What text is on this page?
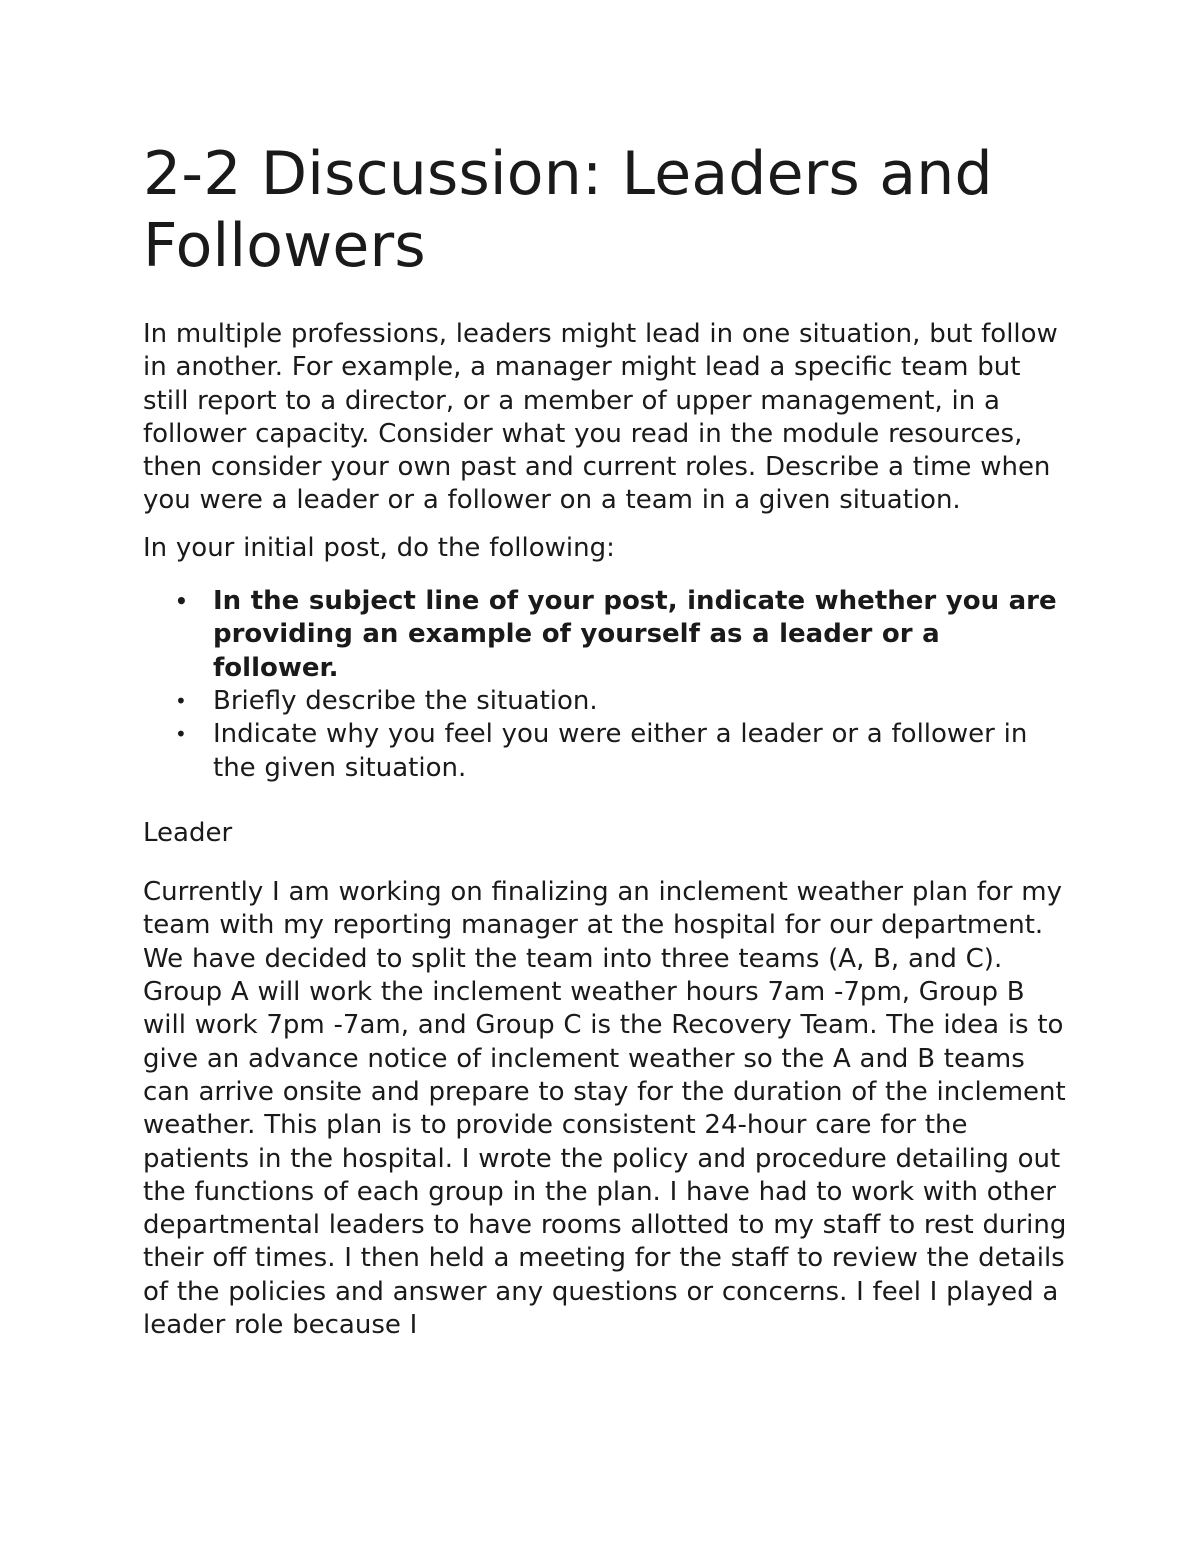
2-2 Discussion: Leaders and Followers

In multiple professions, leaders might lead in one situation, but follow in another. For example, a manager might lead a specific team but still report to a director, or a member of upper management, in a follower capacity. Consider what you read in the module resources, then consider your own past and current roles. Describe a time when you were a leader or a follower on a team in a given situation.

In your initial post, do the following:

• In the subject line of your post, indicate whether you are providing an example of yourself as a leader or a follower.
• Briefly describe the situation.
• Indicate why you feel you were either a leader or a follower in the given situation.

Leader

Currently I am working on finalizing an inclement weather plan for my team with my reporting manager at the hospital for our department. We have decided to split the team into three teams (A, B, and C). Group A will work the inclement weather hours 7am -7pm, Group B will work 7pm -7am, and Group C is the Recovery Team. The idea is to give an advance notice of inclement weather so the A and B teams can arrive onsite and prepare to stay for the duration of the inclement weather. This plan is to provide consistent 24-hour care for the patients in the hospital. I wrote the policy and procedure detailing out the functions of each group in the plan. I have had to work with other departmental leaders to have rooms allotted to my staff to rest during their off times. I then held a meeting for the staff to review the details of the policies and answer any questions or concerns. I feel I played a leader role because I
